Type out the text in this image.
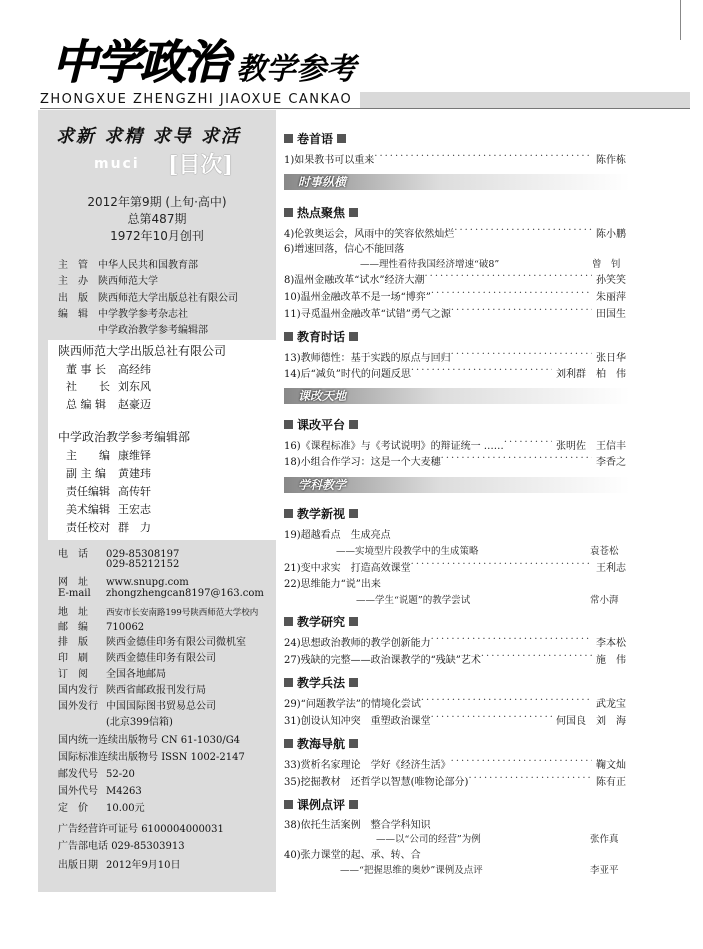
中学政治 教学参考
ZHONGXUE ZHENGZHI JIAOXUE CANKAO
求新 求精 求导 求活
muci [目次]
2012年第9期 (上旬·高中)
总第487期
1972年10月创刊
主　管 中华人民共和国教育部
主　办 陕西师范大学
出　版 陕西师范大学出版总社有限公司
编　辑 中学教学参考杂志社
中学政治教学参考编辑部
陕西师范大学出版总社有限公司
董 事 长 高经纬
社　　长 刘东风
总 编 辑 赵豪迈
中学政治教学参考编辑部
主　　编 康维铎
副 主 编 黄建玮
责任编辑 高传轩
美术编辑 王宏志
责任校对 群　力
电　话 029-85308197
029-85212152
网　址 www.snupg.com
E-mail zhongzhengcan8197@163.com
地　址 西安市长安南路199号陕西师范大学校内
邮　编 710062
排　版 陕西金德佳印务有限公司微机室
印　刷 陕西金德佳印务有限公司
订　阅 全国各地邮局
国内发行 陕西省邮政报刊发行局
国外发行 中国国际图书贸易总公司
(北京399信箱)
国内统一连续出版物号 CN 61-1030/G4
国际标准连续出版物号 ISSN 1002-2147
邮发代号 52-20
国外代号 M4263
定　价 10.00元
广告经营许可证号 6100004000031
广告部电话 029-85303913
出版日期 2012年9月10日
卷首语
1)如果教书可以重来 ·····	陈作栋
时事纵横
热点聚焦
4)伦敦奥运会，风雨中的笑容依然灿烂 ·····	陈小鹏
6)增速回落，信心不能回落
——理性看待我国经济增速“破8”	曾　钊
8)温州金融改革“试水”经济大潮 ·····	孙笑笑
10)温州金融改革不是一场“博弈” ·····	朱丽萍
11)寻觅温州金融改革“试错”勇气之源 ·····	田国生
教育时话
13)教师德性：基于实践的原点与回归 ·····	张日华
14)后“减负”时代的问题反思 ·····	刘利群　柏　伟
课改天地
课改平台
16)《课程标准》与《考试说明》的辩证统一 …… ·····	张明佐　王信丰
18)小组合作学习：这是一个大麦穗 ·····	李香之
学科教学
教学新视
19)超越看点　生成亮点
——实境型片段教学中的生成策略	袁苍松
21)变中求实　打造高效课堂 ·····	王利志
22)思维能力“说”出来
——学生“说题”的教学尝试	常小湃
教学研究
24)思想政治教师的教学创新能力 ·····	李本松
27)残缺的完整——政治课教学的“残缺”艺术 ·····	施　伟
教学兵法
29)“问题教学法”的情境化尝试 ·····	武龙宝
31)创设认知冲突　重塑政治课堂 ·····	何国良　刘　海
教海导航
33)赏析名家理论　学好《经济生活》 ·····	鞠文灿
35)挖掘教材　还哲学以智慧(唯物论部分) ·····	陈有正
课例点评
38)依托生活案例　整合学科知识
——以“公司的经营”为例	张作真
40)张力课堂的起、承、转、合
——“把握思维的奥妙”课例及点评	李亚平
